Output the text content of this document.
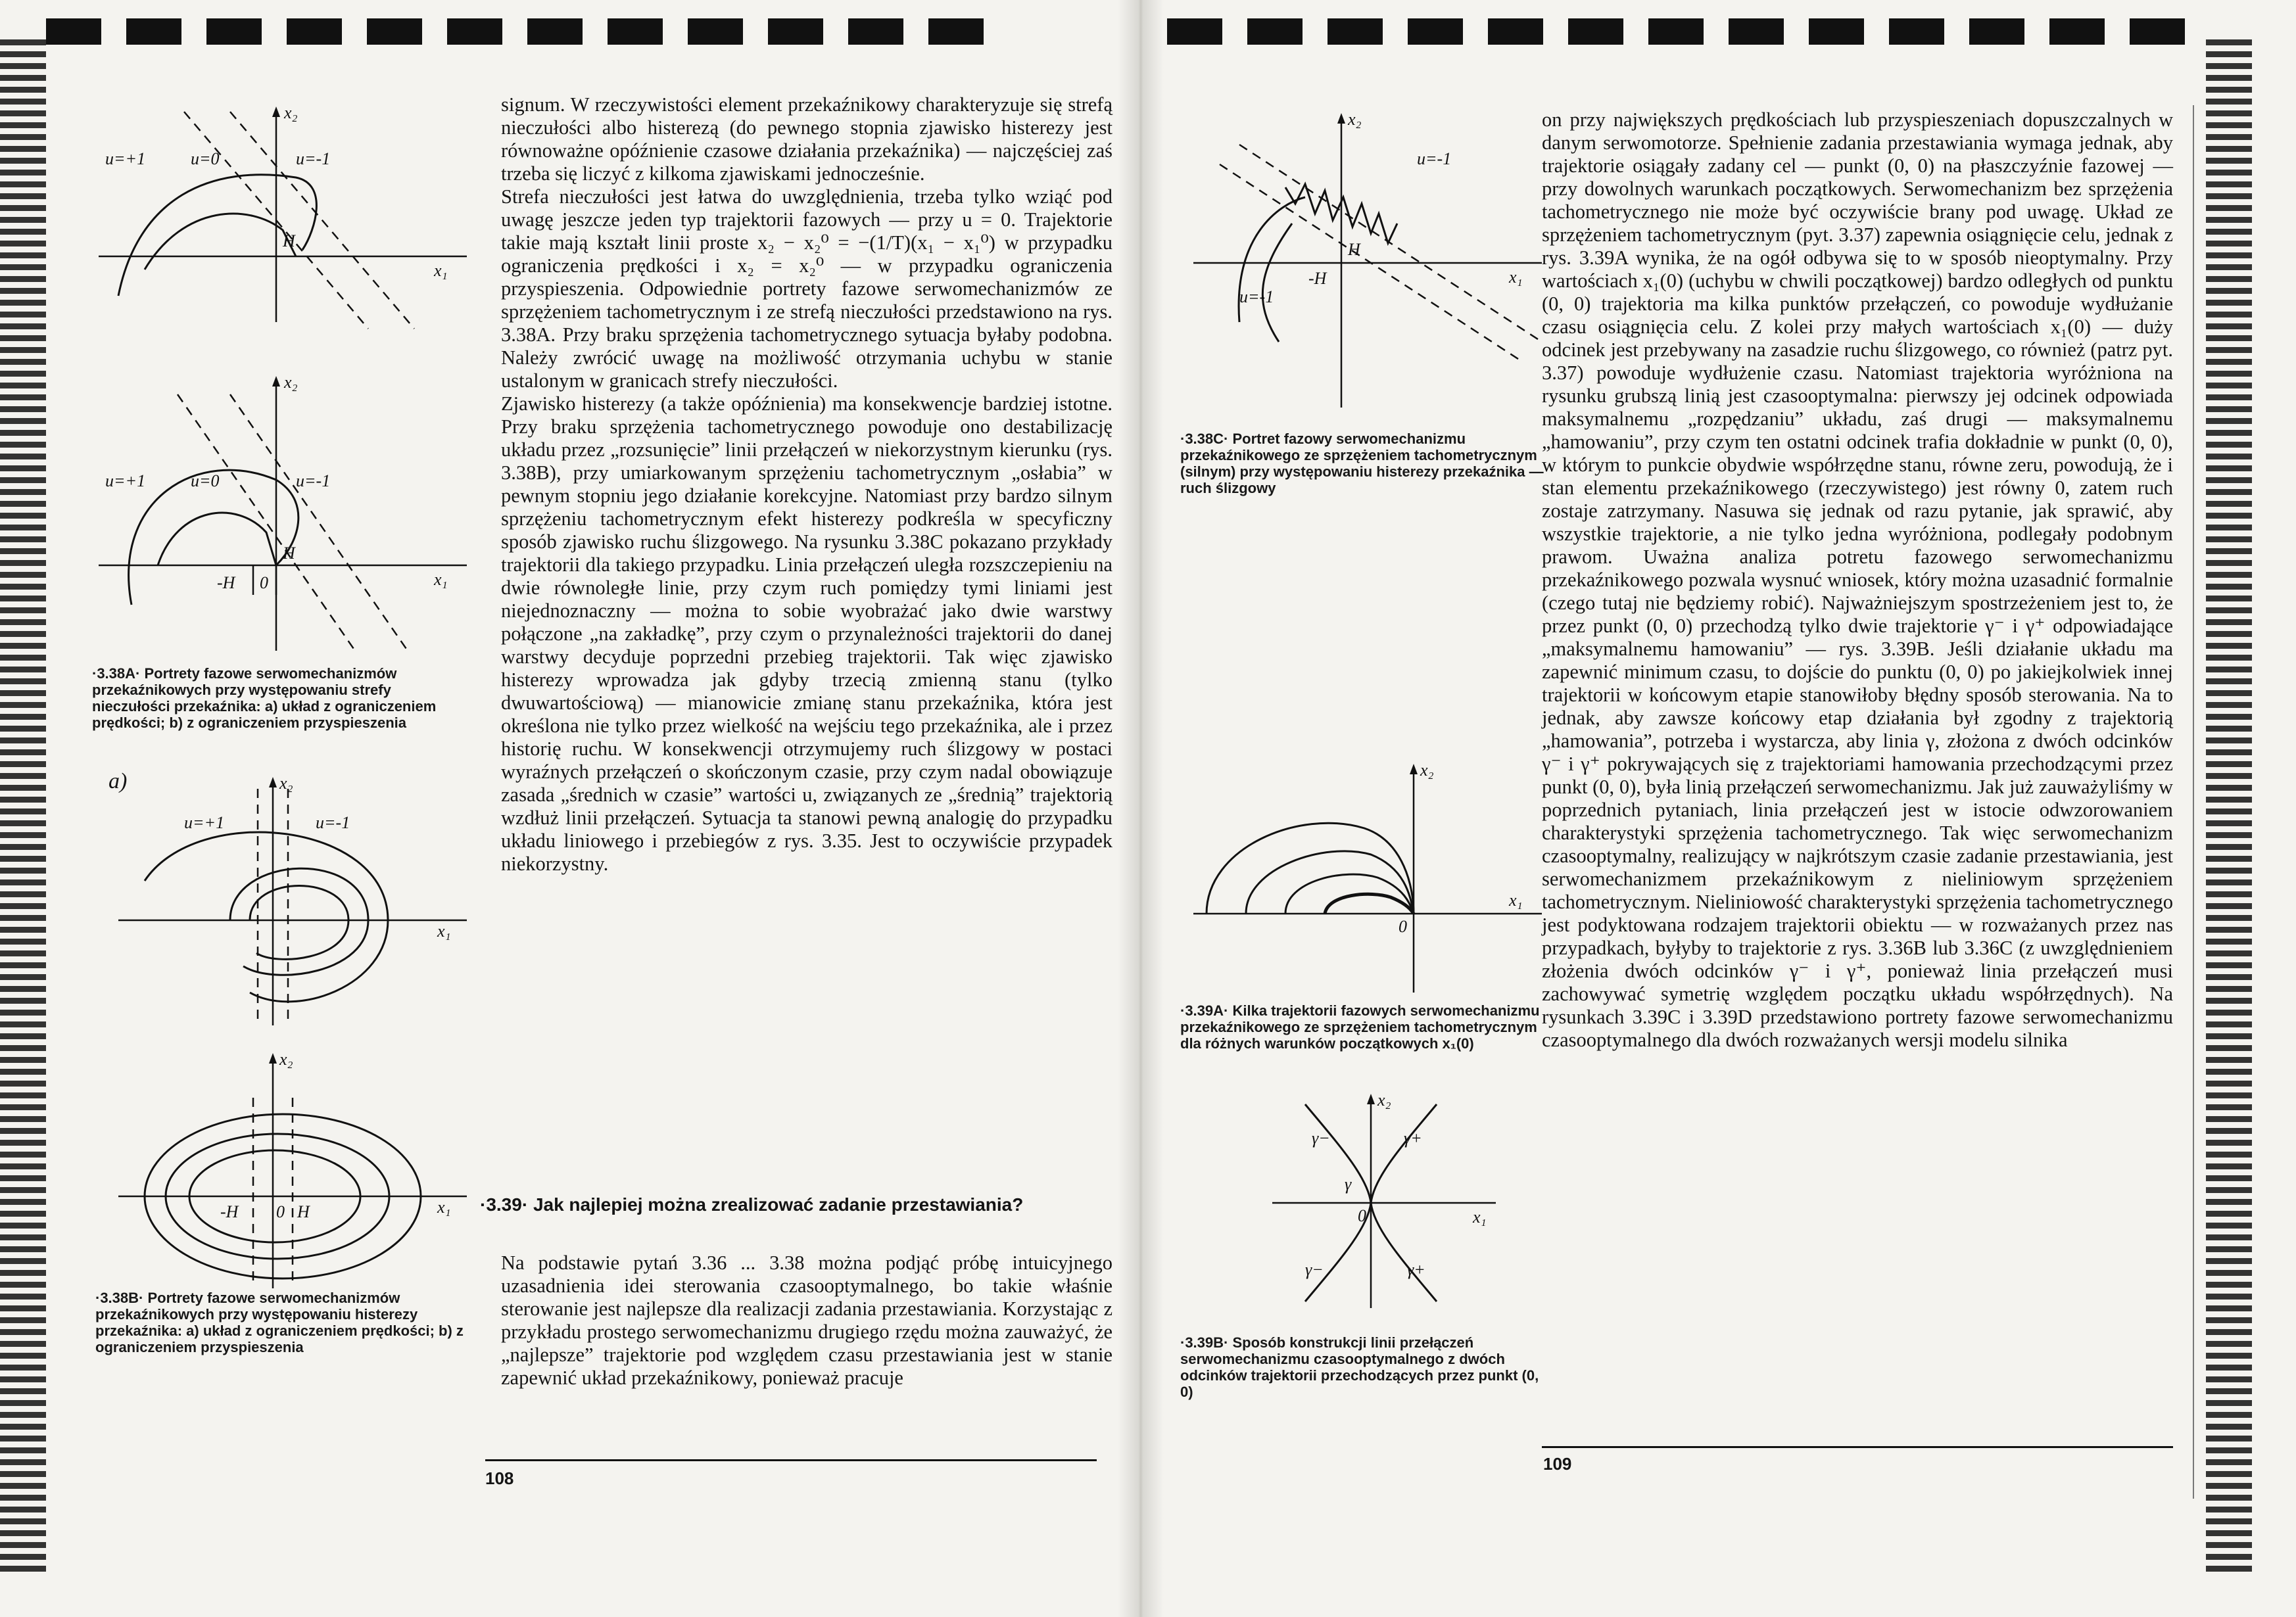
x₂
x₁
u=+1	u=0	u=-1
H
x₂
x₁
u=+1	u=0	u=-1
H
-H 0
·3.38A· Portrety fazowe serwomechanizmów przekaźnikowych przy występowaniu strefy nieczułości przekaźnika: a) układ z ograniczeniem prędkości; b) z ograniczeniem przyspieszenia
x₂
x₁
u=+1	u=-1
a)
x₂
x₁
-H 0 H
·3.38B· Portrety fazowe serwomechanizmów przekaźnikowych przy występowaniu histerezy przekaźnika: a) układ z ograniczeniem prędkości; b) z ograniczeniem przyspieszenia

signum. W rzeczywistości element przekaźnikowy charakteryzuje się strefą nieczułości albo histerezą (do pewnego stopnia zjawisko histerezy jest równoważne opóźnienie czasowe działania przekaźnika) — najczęściej zaś trzeba się liczyć z kilkoma zjawiskami jednocześnie.

Strefa nieczułości jest łatwa do uwzględnienia, trzeba tylko wziąć pod uwagę jeszcze jeden typ trajektorii fazowych — przy u = 0. Trajektorie takie mają kształt linii proste x₂ − x₂⁰ = −(1/T)(x₁ − x₁⁰) w przypadku ograniczenia prędkości i x₂ = x₂⁰ — w przypadku ograniczenia przyspieszenia. Odpowiednie portrety fazowe serwomechanizmów ze sprzężeniem tachometrycznym i ze strefą nieczułości przedstawiono na rys. 3.38A. Przy braku sprzężenia tachometrycznego sytuacja byłaby podobna. Należy zwrócić uwagę na możliwość otrzymania uchybu w stanie ustalonym w granicach strefy nieczułości.

Zjawisko histerezy (a także opóźnienia) ma konsekwencje bardziej istotne. Przy braku sprzężenia tachometrycznego powoduje ono destabilizację układu przez „rozsunięcie” linii przełączeń w niekorzystnym kierunku (rys. 3.38B), przy umiarkowanym sprzężeniu tachometrycznym „osłabia” w pewnym stopniu jego działanie korekcyjne. Natomiast przy bardzo silnym sprzężeniu tachometrycznym efekt histerezy podkreśla w specyficzny sposób zjawisko ruchu ślizgowego. Na rysunku 3.38C pokazano przykłady trajektorii dla takiego przypadku. Linia przełączeń uległa rozszczepieniu na dwie równoległe linie, przy czym ruch pomiędzy tymi liniami jest niejednoznaczny — można to sobie wyobrażać jako dwie warstwy połączone „na zakładkę”, przy czym o przynależności trajektorii do danej warstwy decyduje poprzedni przebieg trajektorii. Tak więc zjawisko histerezy wprowadza jak gdyby trzecią zmienną stanu (tylko dwuwartościową) — mianowicie zmianę stanu przekaźnika, która jest określona nie tylko przez wielkość na wejściu tego przekaźnika, ale i przez historię ruchu. W konsekwencji otrzymujemy ruch ślizgowy w postaci wyraźnych przełączeń o skończonym czasie, przy czym nadal obowiązuje zasada „średnich w czasie” wartości u, związanych ze „średnią” trajektorią wzdłuż linii przełączeń. Sytuacja ta stanowi pewną analogię do przypadku układu liniowego i przebiegów z rys. 3.35. Jest to oczywiście przypadek niekorzystny.

·3.39· Jak najlepiej można zrealizować zadanie przestawiania?

Na podstawie pytań 3.36 ... 3.38 można podjąć próbę intuicyjnego uzasadnienia idei sterowania czasooptymalnego, bo takie właśnie sterowanie jest najlepsze dla realizacji zadania przestawiania. Korzystając z przykładu prostego serwomechanizmu drugiego rzędu można zauważyć, że „najlepsze” trajektorie pod względem czasu przestawiania jest w stanie zapewnić układ przekaźnikowy, ponieważ pracuje

108
x₂
x₁
u=-1
u=-1
H
-H
·3.38C· Portret fazowy serwomechanizmu przekaźnikowego ze sprzężeniem tachometrycznym (silnym) przy występowaniu histerezy przekaźnika — ruch ślizgowy
x₂
x₁
0
·3.39A· Kilka trajektorii fazowych serwomechanizmu przekaźnikowego ze sprzężeniem tachometrycznym dla różnych warunków początkowych x₁(0)
x₂
x₁
γ−	γ+
γ
γ−	γ+
0
·3.39B· Sposób konstrukcji linii przełączeń serwomechanizmu czasooptymalnego z dwóch odcinków trajektorii przechodzących przez punkt (0, 0)

on przy największych prędkościach lub przyspieszeniach dopuszczalnych w danym serwomotorze. Spełnienie zadania przestawiania wymaga jednak, aby trajektorie osiągały zadany cel — punkt (0, 0) na płaszczyźnie fazowej — przy dowolnych warunkach początkowych. Serwomechanizm bez sprzężenia tachometrycznego nie może być oczywiście brany pod uwagę. Układ ze sprzężeniem tachometrycznym (pyt. 3.37) zapewnia osiągnięcie celu, jednak z rys. 3.39A wynika, że na ogół odbywa się to w sposób nieoptymalny. Przy wartościach x₁(0) (uchybu w chwili początkowej) bardzo odległych od punktu (0, 0) trajektoria ma kilka punktów przełączeń, co powoduje wydłużanie czasu osiągnięcia celu. Z kolei przy małych wartościach x₁(0) — duży odcinek jest przebywany na zasadzie ruchu ślizgowego, co również (patrz pyt. 3.37) powoduje wydłużenie czasu. Natomiast trajektoria wyróżniona na rysunku grubszą linią jest czasooptymalna: pierwszy jej odcinek odpowiada maksymalnemu „rozpędzaniu” układu, zaś drugi — maksymalnemu „hamowaniu”, przy czym ten ostatni odcinek trafia dokładnie w punkt (0, 0), w którym to punkcie obydwie współrzędne stanu, równe zeru, powodują, że i stan elementu przekaźnikowego (rzeczywistego) jest równy 0, zatem ruch zostaje zatrzymany. Nasuwa się jednak od razu pytanie, jak sprawić, aby wszystkie trajektorie, a nie tylko jedna wyróżniona, podlegały podobnym prawom. Uważna analiza potretu fazowego serwomechanizmu przekaźnikowego pozwala wysnuć wniosek, który można uzasadnić formalnie (czego tutaj nie będziemy robić). Najważniejszym spostrzeżeniem jest to, że przez punkt (0, 0) przechodzą tylko dwie trajektorie γ⁻ i γ⁺ odpowiadające „maksymalnemu hamowaniu” — rys. 3.39B. Jeśli działanie układu ma zapewnić minimum czasu, to dojście do punktu (0, 0) po jakiejkolwiek innej trajektorii w końcowym etapie stanowiłoby błędny sposób sterowania. Na to jednak, aby zawsze końcowy etap działania był zgodny z trajektorią „hamowania”, potrzeba i wystarcza, aby linia γ, złożona z dwóch odcinków γ⁻ i γ⁺ pokrywających się z trajektoriami hamowania przechodzącymi przez punkt (0, 0), była linią przełączeń serwomechanizmu. Jak już zauważyliśmy w poprzednich pytaniach, linia przełączeń jest w istocie odwzorowaniem charakterystyki sprzężenia tachometrycznego. Tak więc serwomechanizm czasooptymalny, realizujący w najkrótszym czasie zadanie przestawiania, jest serwomechanizmem przekaźnikowym z nieliniowym sprzężeniem tachometrycznym. Nieliniowość charakterystyki sprzężenia tachometrycznego jest podyktowana rodzajem trajektorii obiektu — w rozważanych przez nas przypadkach, byłyby to trajektorie z rys. 3.36B lub 3.36C (z uwzględnieniem złożenia dwóch odcinków γ⁻ i γ⁺, ponieważ linia przełączeń musi zachowywać symetrię względem początku układu współrzędnych). Na rysunkach 3.39C i 3.39D przedstawiono portrety fazowe serwomechanizmu czasooptymalnego dla dwóch rozważanych wersji modelu silnika

109
